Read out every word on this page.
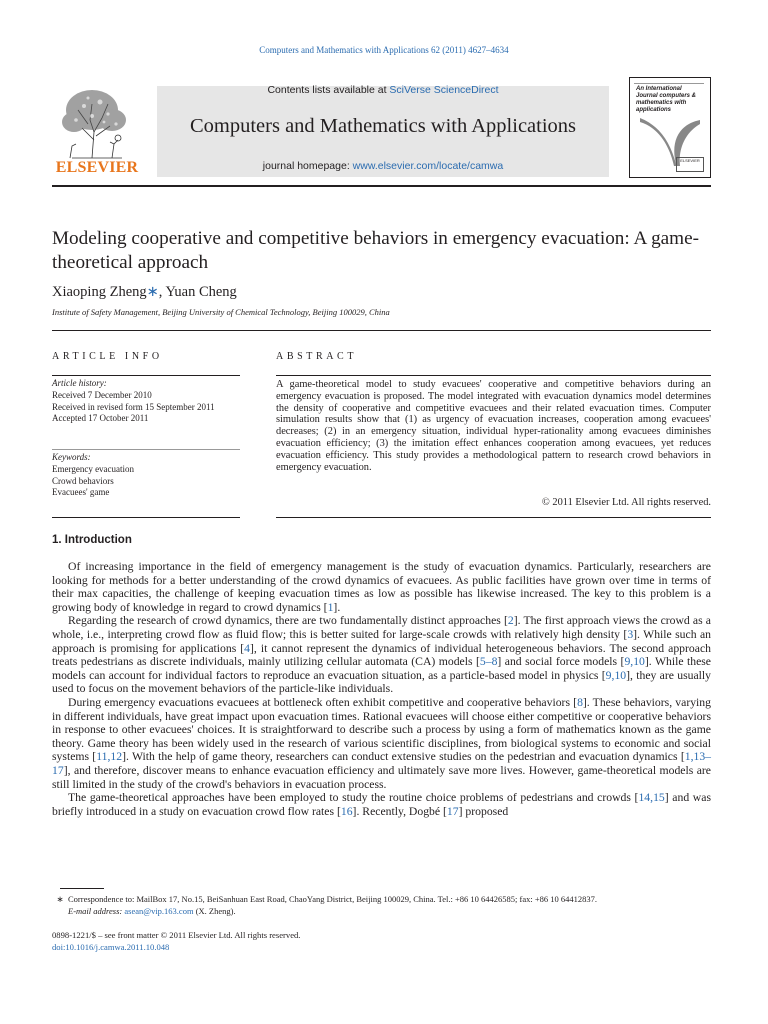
Computers and Mathematics with Applications 62 (2011) 4627–4634
ELSEVIER
Contents lists available at SciVerse ScienceDirect
Computers and Mathematics with Applications
journal homepage: www.elsevier.com/locate/camwa
An International Journal computers & mathematics with applications
ELSEVIER
Modeling cooperative and competitive behaviors in emergency evacuation: A game-theoretical approach
Xiaoping Zheng∗, Yuan Cheng
Institute of Safety Management, Beijing University of Chemical Technology, Beijing 100029, China
ARTICLE INFO	ABSTRACT
Article history:
Received 7 December 2010
Received in revised form 15 September 2011
Accepted 17 October 2011
Keywords:
Emergency evacuation
Crowd behaviors
Evacuees' game
A game-theoretical model to study evacuees' cooperative and competitive behaviors during an emergency evacuation is proposed. The model integrated with evacuation dynamics model determines the density of cooperative and competitive evacuees and their related evacuation times. Computer simulation results show that (1) as urgency of evacuation increases, cooperation among evacuees' decreases; (2) in an emergency situation, individual hyper-rationality among evacuees diminishes evacuation efficiency; (3) the imitation effect enhances cooperation among evacuees, yet reduces evacuation efficiency. This study provides a methodological pattern to research crowd behaviors in emergency evacuation.
© 2011 Elsevier Ltd. All rights reserved.
1. Introduction

Of increasing importance in the field of emergency management is the study of evacuation dynamics. Particularly, researchers are looking for methods for a better understanding of the crowd dynamics of evacuees. As public facilities have grown over time in terms of their max capacities, the challenge of keeping evacuation times as low as possible has likewise increased. The key to this problem is a growing body of knowledge in regard to crowd dynamics [1].

Regarding the research of crowd dynamics, there are two fundamentally distinct approaches [2]. The first approach views the crowd as a whole, i.e., interpreting crowd flow as fluid flow; this is better suited for large-scale crowds with relatively high density [3]. While such an approach is promising for applications [4], it cannot represent the dynamics of individual heterogeneous behaviors. The second approach treats pedestrians as discrete individuals, mainly utilizing cellular automata (CA) models [5–8] and social force models [9,10]. While these models can account for individual factors to reproduce an evacuation situation, as a particle-based model in physics [9,10], they are usually used to focus on the movement behaviors of the particle-like individuals.

During emergency evacuations evacuees at bottleneck often exhibit competitive and cooperative behaviors [8]. These behaviors, varying in different individuals, have great impact upon evacuation times. Rational evacuees will choose either competitive or cooperative behaviors in response to other evacuees' choices. It is straightforward to describe such a process by using a form of mathematics known as the game theory. Game theory has been widely used in the research of various scientific disciplines, from biological systems to economic and social systems [11,12]. With the help of game theory, researchers can conduct extensive studies on the pedestrian and evacuation dynamics [1,13–17], and therefore, discover means to enhance evacuation efficiency and ultimately save more lives. However, game-theoretical models are still limited in the study of the crowd's behaviors in evacuation process.

The game-theoretical approaches have been employed to study the routine choice problems of pedestrians and crowds [14,15] and was briefly introduced in a study on evacuation crowd flow rates [16]. Recently, Dogbé [17] proposed

∗ Correspondence to: MailBox 17, No.15, BeiSanhuan East Road, ChaoYang District, Beijing 100029, China. Tel.: +86 10 64426585; fax: +86 10 64412837.
E-mail address: asean@vip.163.com (X. Zheng).
0898-1221/$ – see front matter © 2011 Elsevier Ltd. All rights reserved.
doi:10.1016/j.camwa.2011.10.048
